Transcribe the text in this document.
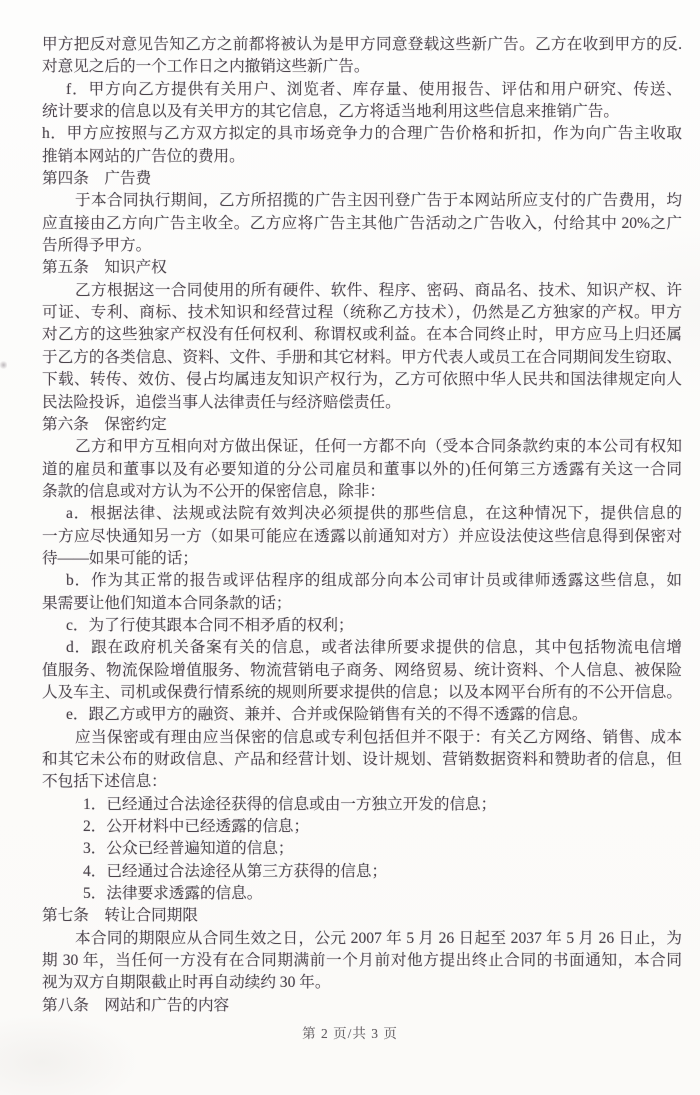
甲方把反对意见告知乙方之前都将被认为是甲方同意登载这些新广告。乙方在收到甲方的反.
对意见之后的一个工作日之内撤销这些新广告。
f．甲方向乙方提供有关用户、浏览者、库存量、使用报告、评估和用户研究、传送、
统计要求的信息以及有关甲方的其它信息，乙方将适当地利用这些信息来推销广告。
h．甲方应按照与乙方双方拟定的具市场竞争力的合理广告价格和折扣，作为向广告主收取
推销本网站的广告位的费用。
第四条　广告费
于本合同执行期间，乙方所招揽的广告主因刊登广告于本网站所应支付的广告费用，均
应直接由乙方向广告主收全。乙方应将广告主其他广告活动之广告收入，付给其中 20%之广
告所得予甲方。
第五条　知识产权
乙方根据这一合同使用的所有硬件、软件、程序、密码、商品名、技术、知识产权、许
可证、专利、商标、技术知识和经营过程（统称乙方技术），仍然是乙方独家的产权。甲方
对乙方的这些独家产权没有任何权利、称谓权或利益。在本合同终止时，甲方应马上归还属
于乙方的各类信息、资料、文件、手册和其它材料。甲方代表人或员工在合同期间发生窃取、
下载、转传、效仿、侵占均属违友知识产权行为，乙方可依照中华人民共和国法律规定向人
民法险投诉，追偿当事人法律责任与经济赔偿责任。
第六条　保密约定
乙方和甲方互相向对方做出保证，任何一方都不向（受本合同条款约束的本公司有权知
道的雇员和董事以及有必要知道的分公司雇员和董事以外的)任何第三方透露有关这一合同
条款的信息或对方认为不公开的保密信息，除非：
a．根据法律、法规或法院有效判决必须提供的那些信息，在这种情况下，提供信息的
一方应尽快通知另一方（如果可能应在透露以前通知对方）并应设法使这些信息得到保密对
待——如果可能的话；
b．作为其正常的报告或评估程序的组成部分向本公司审计员或律师透露这些信息，如
果需要让他们知道本合同条款的话；
c．为了行使其跟本合同不相矛盾的权利；
d．跟在政府机关备案有关的信息，或者法律所要求提供的信息，其中包括物流电信增
值服务、物流保险增值服务、物流营销电子商务、网络贸易、统计资料、个人信息、被保险
人及车主、司机或保费行情系统的规则所要求提供的信息；以及本网平台所有的不公开信息。
e．跟乙方或甲方的融资、兼并、合并或保险销售有关的不得不透露的信息。
应当保密或有理由应当保密的信息或专利包括但并不限于：有关乙方网络、销售、成本
和其它未公布的财政信息、产品和经营计划、设计规划、营销数据资料和赞助者的信息，但
不包括下述信息：
1．已经通过合法途径获得的信息或由一方独立开发的信息；
2．公开材料中已经透露的信息；
3．公众已经普遍知道的信息；
4．已经通过合法途径从第三方获得的信息；
5．法律要求透露的信息。
第七条　转让合同期限
本合同的期限应从合同生效之日，公元 2007 年 5 月 26 日起至 2037 年 5 月 26 日止，为
期 30 年，当任何一方没有在合同期满前一个月前对他方提出终止合同的书面通知，本合同
视为双方自期限截止时再自动续约 30 年。
第八条　网站和广告的内容
第 2 页/共 3 页
